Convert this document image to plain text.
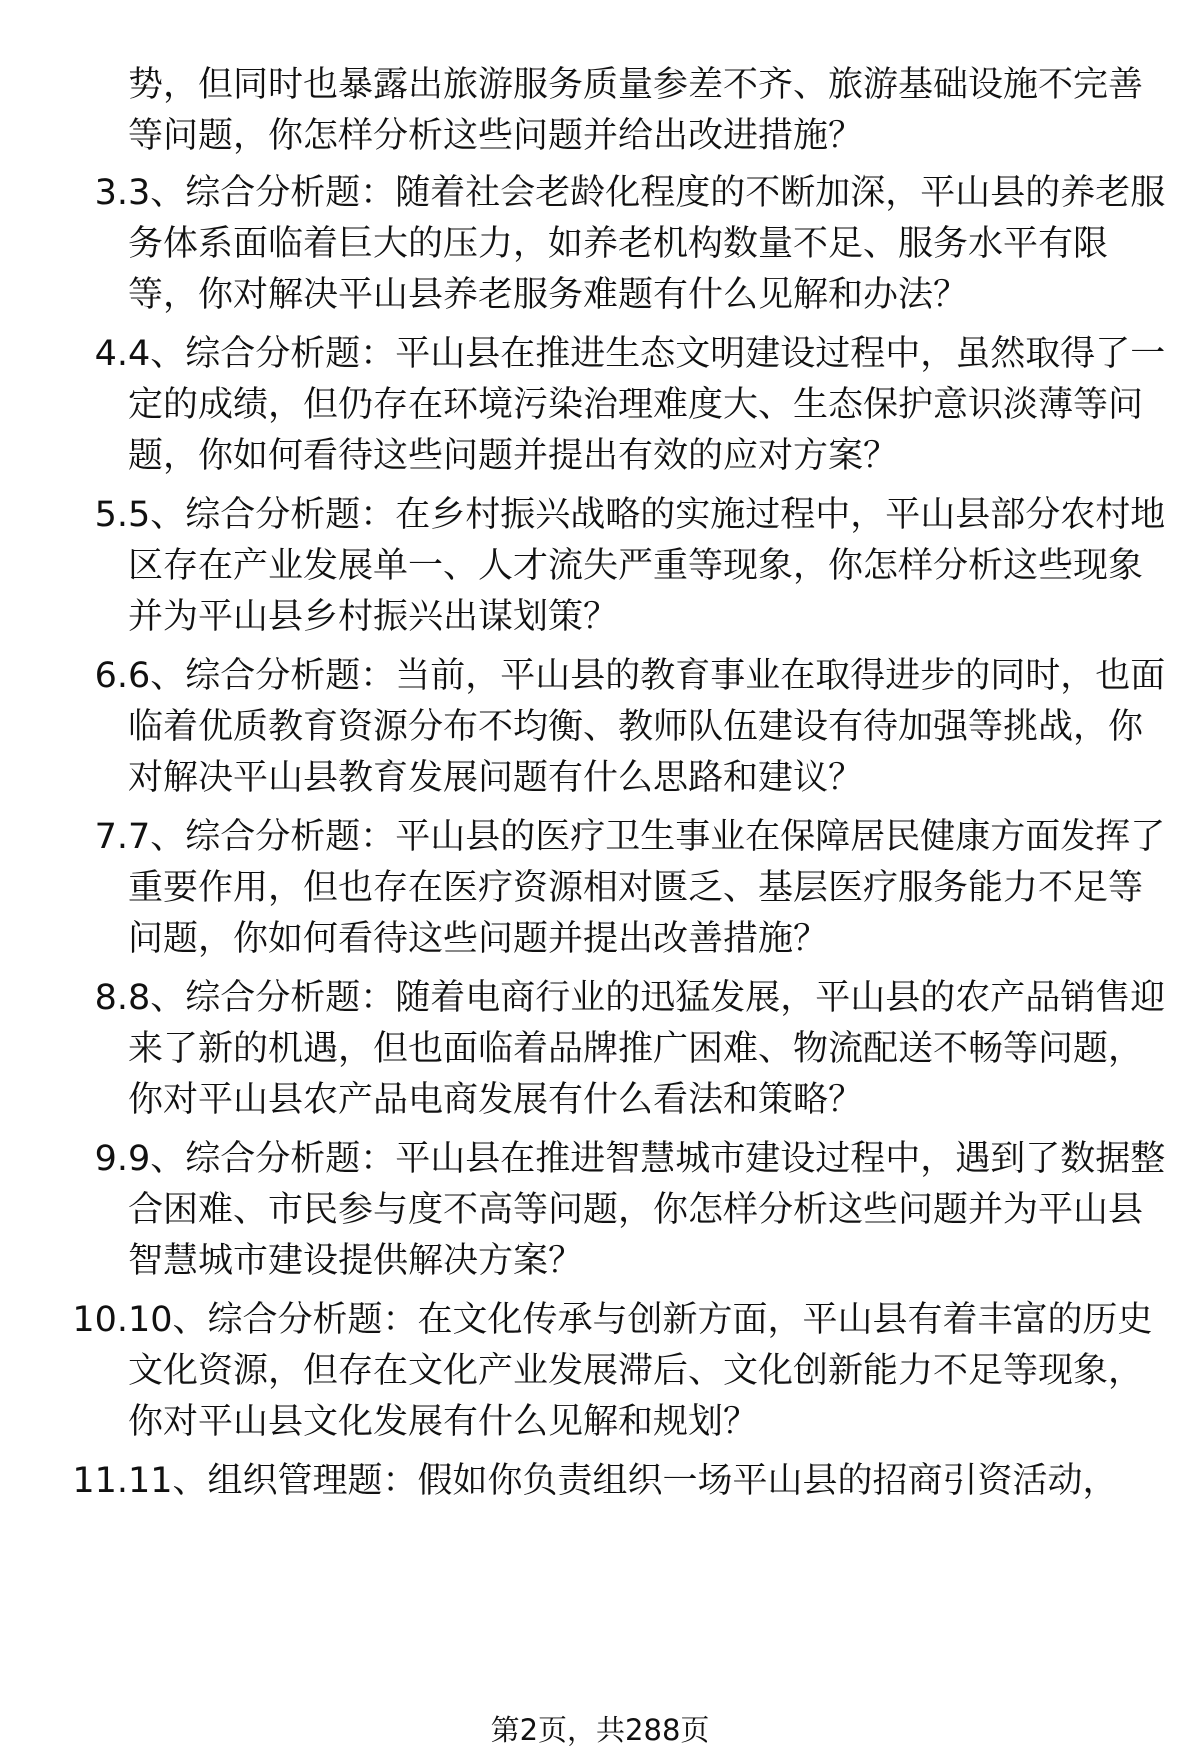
势，但同时也暴露出旅游服务质量参差不齐、旅游基础设施不完善等问题，你怎样分析这些问题并给出改进措施？
3. 3、综合分析题：随着社会老龄化程度的不断加深，平山县的养老服务体系面临着巨大的压力，如养老机构数量不足、服务水平有限等，你对解决平山县养老服务难题有什么见解和办法？
4. 4、综合分析题：平山县在推进生态文明建设过程中，虽然取得了一定的成绩，但仍存在环境污染治理难度大、生态保护意识淡薄等问题，你如何看待这些问题并提出有效的应对方案？
5. 5、综合分析题：在乡村振兴战略的实施过程中，平山县部分农村地区存在产业发展单一、人才流失严重等现象，你怎样分析这些现象并为平山县乡村振兴出谋划策？
6. 6、综合分析题：当前，平山县的教育事业在取得进步的同时，也面临着优质教育资源分布不均衡、教师队伍建设有待加强等挑战，你对解决平山县教育发展问题有什么思路和建议？
7. 7、综合分析题：平山县的医疗卫生事业在保障居民健康方面发挥了重要作用，但也存在医疗资源相对匮乏、基层医疗服务能力不足等问题，你如何看待这些问题并提出改善措施？
8. 8、综合分析题：随着电商行业的迅猛发展，平山县的农产品销售迎来了新的机遇，但也面临着品牌推广困难、物流配送不畅等问题，你对平山县农产品电商发展有什么看法和策略？
9. 9、综合分析题：平山县在推进智慧城市建设过程中，遇到了数据整合困难、市民参与度不高等问题，你怎样分析这些问题并为平山县智慧城市建设提供解决方案？
10. 10、综合分析题：在文化传承与创新方面，平山县有着丰富的历史文化资源，但存在文化产业发展滞后、文化创新能力不足等现象，你对平山县文化发展有什么见解和规划？
11. 11、组织管理题：假如你负责组织一场平山县的招商引资活动，
第2页，共288页
